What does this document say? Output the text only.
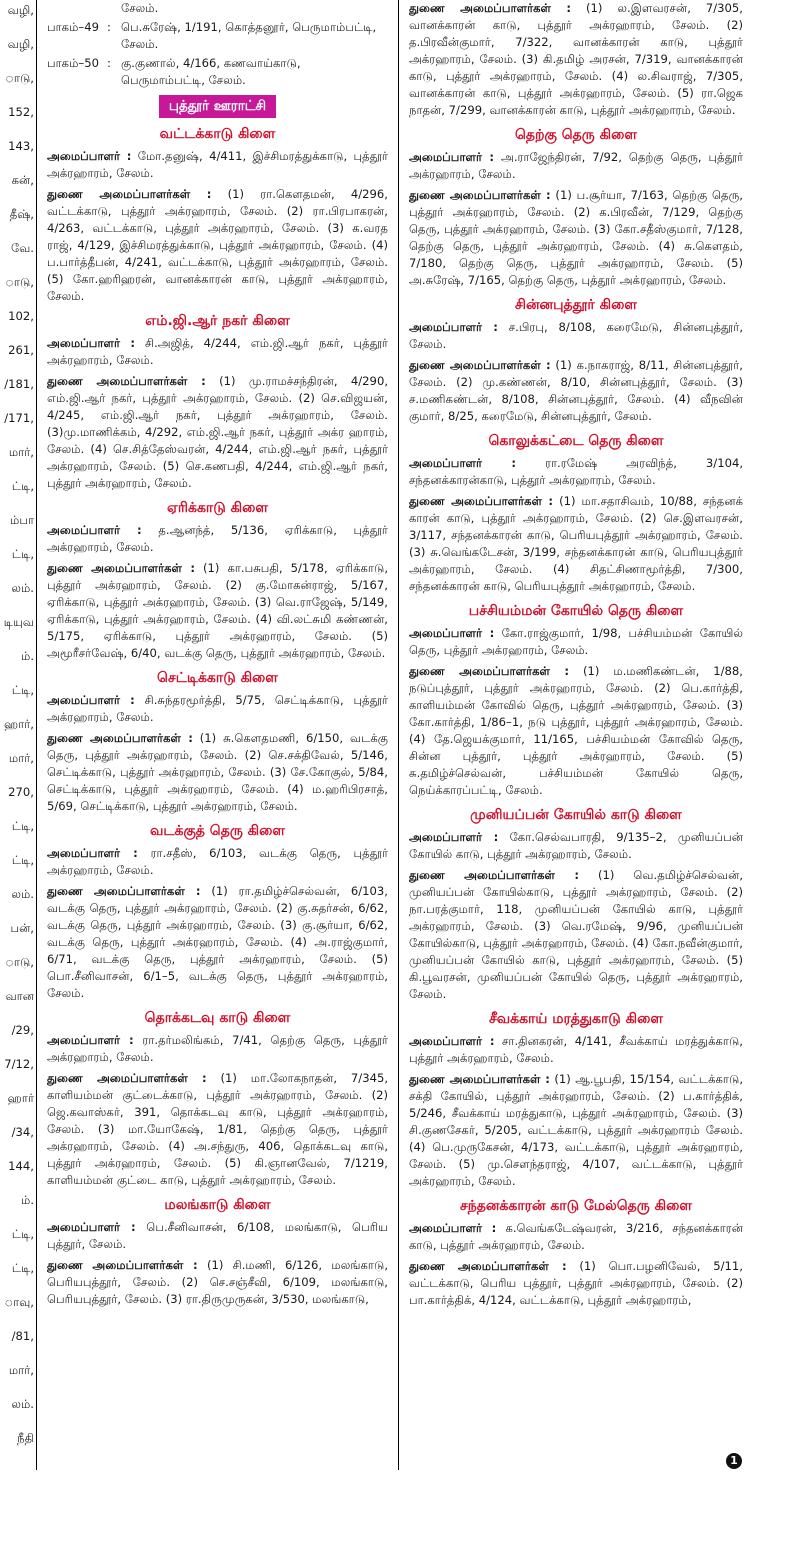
வழி,
வழி,
ாடு,
152,
143,
கன்,
தீஷ்,
வே.
ாடு,
102,
261,
/181,
/171,
மார்,
ட்டி,
ம்பா
ட்டி,
லம்.
டியுவ
ம்.
ட்டி,
ஹார்,
மார்,
270,
ட்டி,
ட்டி,
லம்.
பன்,
ாடு,
வான
/29,
7/12,
ஹார்
/34,
144,
ம்.
ட்டி,
ட்டி,
ாவு,
/81,
மார்,
லம்.
நீதி
சேலம்.
பாகம்–49 : பெ.சுரேஷ், 1/191, கொத்தனூர், பெருமாம்பட்டி, சேலம்.
பாகம்–50 : கு.குணால், 4/166, கணவாய்காடு, பெருமாம்பட்டி, சேலம்.
புத்தூர் ஊராட்சி
வட்டக்காடு கிளை

அமைப்பாளர் : மோ.தனுஷ், 4/411, இச்சிமரத்துக்காடு, புத்தூர் அக்ரஹாரம், சேலம்.

துணை அமைப்பாளர்கள் : (1) ரா.கௌதமன், 4/296, வட்டக்காடு, புத்தூர் அக்ரஹாரம், சேலம். (2) ரா.பிரபாகரன், 4/263, வட்டக்காடு, புத்தூர் அக்ரஹாரம், சேலம். (3) க.வரத ராஜ், 4/129, இச்சிமரத்துக்காடு, புத்தூர் அக்ரஹாரம், சேலம். (4) ப.பார்த்தீபன், 4/241, வட்டக்காடு, புத்தூர் அக்ரஹாரம், சேலம். (5) கோ.ஹரிஹரன், வானக்காரன் காடு, புத்தூர் அக்ரஹாரம், சேலம்.

எம்.ஜி.ஆர் நகர் கிளை

அமைப்பாளர் : சி.அஜித், 4/244, எம்.ஜி.ஆர் நகர், புத்தூர் அக்ரஹாரம், சேலம்.

துணை அமைப்பாளர்கள் : (1) மு.ராமச்சந்திரன், 4/290, எம்.ஜி.ஆர் நகர், புத்தூர் அக்ரஹாரம், சேலம். (2) செ.விஜயன், 4/245, எம்.ஜி.ஆர் நகர், புத்தூர் அக்ரஹாரம், சேலம். (3)மு.மாணிக்கம், 4/292, எம்.ஜி.ஆர் நகர், புத்தூர் அக்ர ஹாரம், சேலம். (4) செ.சித்தேஸ்வரன், 4/244, எம்.ஜி.ஆர் நகர், புத்தூர் அக்ரஹாரம், சேலம். (5) செ.கணபதி, 4/244, எம்.ஜி.ஆர் நகர், புத்தூர் அக்ரஹாரம், சேலம்.

ஏரிக்காடு கிளை

அமைப்பாளர் : த.ஆனந்த், 5/136, ஏரிக்காடு, புத்தூர் அக்ரஹாரம், சேலம்.

துணை அமைப்பாளர்கள் : (1) கா.பசுபதி, 5/178, ஏரிக்காடு, புத்தூர் அக்ரஹாரம், சேலம். (2) கு.மோகன்ராஜ், 5/167, ஏரிக்காடு, புத்தூர் அக்ரஹாரம், சேலம். (3) வெ.ராஜேஷ், 5/149, ஏரிக்காடு, புத்தூர் அக்ரஹாரம், சேலம். (4) வி.லட்சுமி கண்ணன், 5/175, ஏரிக்காடு, புத்தூர் அக்ரஹாரம், சேலம். (5) அமூரீசர்வேஷ், 6/40, வடக்கு தெரு, புத்தூர் அக்ரஹாரம், சேலம்.

செட்டிக்காடு கிளை

அமைப்பாளர் : சி.சுந்தரமூர்த்தி, 5/75, செட்டிக்காடு, புத்தூர் அக்ரஹாரம், சேலம்.

துணை அமைப்பாளர்கள் : (1) சு.கௌதமணி, 6/150, வடக்கு தெரு, புத்தூர் அக்ரஹாரம், சேலம். (2) செ.சக்திவேல், 5/146, செட்டிக்காடு, புத்தூர் அக்ரஹாரம், சேலம். (3) சே.கோகுல், 5/84, செட்டிக்காடு, புத்தூர் அக்ரஹாரம், சேலம். (4) ம.ஹரிபிரசாத், 5/69, செட்டிக்காடு, புத்தூர் அக்ரஹாரம், சேலம்.

வடக்குத் தெரு கிளை

அமைப்பாளர் : ரா.சதீஸ், 6/103, வடக்கு தெரு, புத்தூர் அக்ரஹாரம், சேலம்.

துணை அமைப்பாளர்கள் : (1) ரா.தமிழ்ச்செல்வன், 6/103, வடக்கு தெரு, புத்தூர் அக்ரஹாரம், சேலம். (2) கு.சுதர்சன், 6/62, வடக்கு தெரு, புத்தூர் அக்ரஹாரம், சேலம். (3) கு.சூர்யா, 6/62, வடக்கு தெரு, புத்தூர் அக்ரஹாரம், சேலம். (4) அ.ராஜ்குமார், 6/71, வடக்கு தெரு, புத்தூர் அக்ரஹாரம், சேலம். (5) பொ.சீனிவாசன், 6/1–5, வடக்கு தெரு, புத்தூர் அக்ரஹாரம், சேலம்.

தொக்கடவு காடு கிளை

அமைப்பாளர் : ரா.தர்மலிங்கம், 7/41, தெற்கு தெரு, புத்தூர் அக்ரஹாரம், சேலம்.

துணை அமைப்பாளர்கள் : (1) மா.லோகநாதன், 7/345, காளியம்மன் குட்டைக்காடு, புத்தூர் அக்ரஹாரம், சேலம். (2) ஜெ.கவாஸ்கர், 391, தொக்கடவு காடு, புத்தூர் அக்ரஹாரம், சேலம். (3) மா.யோகேஷ், 1/81, தெற்கு தெரு, புத்தூர் அக்ரஹாரம், சேலம். (4) அ.சந்துரு, 406, தொக்கடவு காடு, புத்தூர் அக்ரஹாரம், சேலம். (5) கி.ஞானவேல், 7/1219, காளியம்மன் குட்டை காடு, புத்தூர் அக்ரஹாரம், சேலம்.

மலங்காடு கிளை

அமைப்பாளர் : பெ.சீனிவாசன், 6/108, மலங்காடு, பெரிய புத்தூர், சேலம்.

துணை அமைப்பாளர்கள் : (1) சி.மணி, 6/126, மலங்காடு, பெரியபுத்தூர், சேலம். (2) செ.சஞ்சீவி, 6/109, மலங்காடு, பெரியபுத்தூர், சேலம். (3) ரா.திருமுருகன், 3/530, மலங்காடு,

துணை அமைப்பாளர்கள் : (1) ல.இளவரசன், 7/305, வானக்காரன் காடு, புத்தூர் அக்ரஹாரம், சேலம். (2) த.பிரவீன்குமார், 7/322, வானக்காரன் காடு, புத்தூர் அக்ரஹாரம், சேலம். (3) கி.தமிழ் அரசன், 7/319, வானக்காரன் காடு, புத்தூர் அக்ரஹாரம், சேலம். (4) ல.சிவராஜ், 7/305, வானக்காரன் காடு, புத்தூர் அக்ரஹாரம், சேலம். (5) ரா.ஜெக நாதன், 7/299, வானக்காரன் காடு, புத்தூர் அக்ரஹாரம், சேலம்.

தெற்கு தெரு கிளை

அமைப்பாளர் : அ.ராஜேந்திரன், 7/92, தெற்கு தெரு, புத்தூர் அக்ரஹாரம், சேலம்.

துணை அமைப்பாளர்கள் : (1) ப.சூர்யா, 7/163, தெற்கு தெரு, புத்தூர் அக்ரஹாரம், சேலம். (2) க.பிரவீன், 7/129, தெற்கு தெரு, புத்தூர் அக்ரஹாரம், சேலம். (3) கோ.சதீஸ்குமார், 7/128, தெற்கு தெரு, புத்தூர் அக்ரஹாரம், சேலம். (4) சு.கௌதம், 7/180, தெற்கு தெரு, புத்தூர் அக்ரஹாரம், சேலம். (5) அ.சுரேஷ், 7/165, தெற்கு தெரு, புத்தூர் அக்ரஹாரம், சேலம்.

சின்னபுத்தூர் கிளை

அமைப்பாளர் : ச.பிரபு, 8/108, கரைமேடு, சின்னபுத்தூர், சேலம்.

துணை அமைப்பாளர்கள் : (1) க.நாகராஜ், 8/11, சின்னபுத்தூர், சேலம். (2) மு.கண்ணன், 8/10, சின்னபுத்தூர், சேலம். (3) ச.மணிகண்டன், 8/108, சின்னபுத்தூர், சேலம். (4) வீநவின் குமார், 8/25, கரைமேடு, சின்னபுத்தூர், சேலம்.

கொலுக்கட்டை தெரு கிளை

அமைப்பாளர் : ரா.ரமேஷ் அரவிந்த், 3/104, சந்தனக்காரன்காடு, புத்தூர் அக்ரஹாரம், சேலம்.

துணை அமைப்பாளர்கள் : (1) மா.சதாசிவம், 10/88, சந்தனக் காரன் காடு, புத்தூர் அக்ரஹாரம், சேலம். (2) செ.இளவரசன், 3/117, சந்தனக்காரன் காடு, பெரியபுத்தூர் அக்ரஹாரம், சேலம். (3) சு.வெங்கடேசன், 3/199, சந்தனக்காரன் காடு, பெரியபுத்தூர் அக்ரஹாரம், சேலம். (4) சிதட்சிணாமூர்த்தி, 7/300, சந்தனக்காரன் காடு, பெரியபுத்தூர் அக்ரஹாரம், சேலம்.

பச்சியம்மன் கோயில் தெரு கிளை

அமைப்பாளர் : கோ.ராஜ்குமார், 1/98, பச்சியம்மன் கோயில் தெரு, புத்தூர் அக்ரஹாரம், சேலம்.

துணை அமைப்பாளர்கள் : (1) ம.மணிகண்டன், 1/88, நடுப்புத்தூர், புத்தூர் அக்ரஹாரம், சேலம். (2) பெ.கார்த்தி, காளியம்மன் கோவில் தெரு, புத்தூர் அக்ரஹாரம், சேலம். (3) கோ.கார்த்தி, 1/86–1, நடு புத்தூர், புத்தூர் அக்ரஹாரம், சேலம். (4) தே.ஜெயக்குமார், 11/165, பச்சியம்மன் கோவில் தெரு, சின்ன புத்தூர், புத்தூர் அக்ரஹாரம், சேலம். (5) சு.தமிழ்ச்செல்வன், பச்சியம்மன் கோயில் தெரு, நெய்க்காரப்பட்டி, சேலம்.

முனியப்பன் கோயில் காடு கிளை

அமைப்பாளர் : கோ.செல்வபாரதி, 9/135–2, முனியப்பன் கோயில் காடு, புத்தூர் அக்ரஹாரம், சேலம்.

துணை அமைப்பாளர்கள் : (1) வெ.தமிழ்ச்செல்வன், முனியப்பன் கோயில்காடு, புத்தூர் அக்ரஹாரம், சேலம். (2) நா.பரத்குமார், 118, முனியப்பன் கோயில் காடு, புத்தூர் அக்ரஹாரம், சேலம். (3) வெ.ரமேஷ், 9/96, முனியப்பன் கோயில்காடு, புத்தூர் அக்ரஹாரம், சேலம். (4) கோ.நவீன்குமார், முனியப்பன் கோயில் காடு, புத்தூர் அக்ரஹாரம், சேலம். (5) கி.பூவரசன், முனியப்பன் கோயில் தெரு, புத்தூர் அக்ரஹாரம், சேலம்.

சீவக்காய் மரத்துகாடு கிளை

அமைப்பாளர் : சா.தினகரன், 4/141, சீவக்காய் மரத்துக்காடு, புத்தூர் அக்ரஹாரம், சேலம்.

துணை அமைப்பாளர்கள் : (1) ஆ.பூபதி, 15/154, வட்டக்காடு, சக்தி கோயில், புத்தூர் அக்ரஹாரம், சேலம். (2) ப.கார்த்திக், 5/246, சீவக்காய் மரத்துகாடு, புத்தூர் அக்ரஹாரம், சேலம். (3) சி.குணசேகர், 5/205, வட்டக்காடு, புத்தூர் அக்ரஹாரம் சேலம். (4) பெ.முருகேசன், 4/173, வட்டக்காடு, புத்தூர் அக்ரஹாரம், சேலம். (5) மு.சௌந்தராஜ், 4/107, வட்டக்காடு, புத்தூர் அக்ரஹாரம், சேலம்.

சந்தனக்காரன் காடு மேல்தெரு கிளை

அமைப்பாளர் : க.வெங்கடேஷ்வரன், 3/216, சந்தனக்காரன் காடு, புத்தூர் அக்ரஹாரம், சேலம்.

துணை அமைப்பாளர்கள் : (1) பொ.பழனிவேல், 5/11, வட்டக்காடு, பெரிய புத்தூர், புத்தூர் அக்ரஹாரம், சேலம். (2) பா.கார்த்திக், 4/124, வட்டக்காடு, புத்தூர் அக்ரஹாரம்,

1
